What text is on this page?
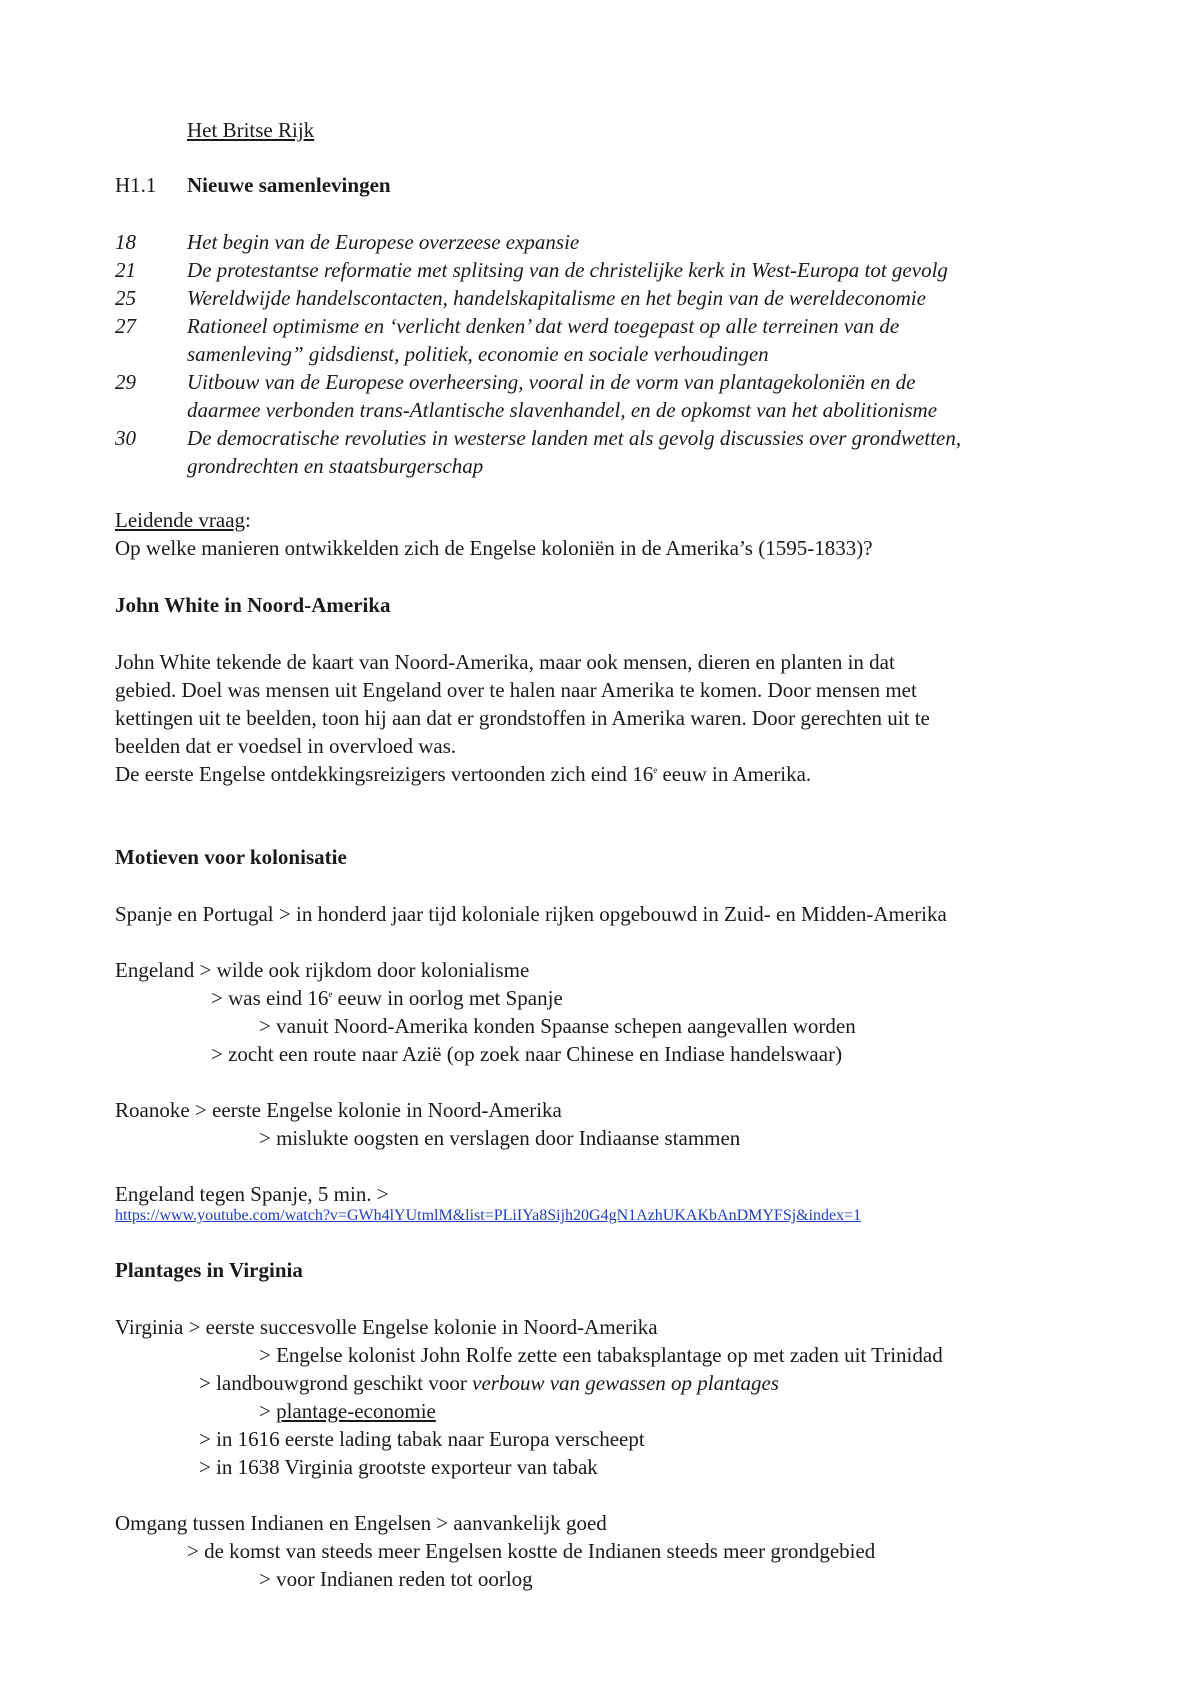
Het Britse Rijk
H1.1 Nieuwe samenlevingen
18 Het begin van de Europese overzeese expansie
21 De protestantse reformatie met splitsing van de christelijke kerk in West-Europa tot gevolg
25 Wereldwijde handelscontacten, handelskapitalisme en het begin van de wereldeconomie
27 Rationeel optimisme en ‘verlicht denken’ dat werd toegepast op alle terreinen van de
samenleving” gidsdienst, politiek, economie en sociale verhoudingen
29 Uitbouw van de Europese overheersing, vooral in de vorm van plantagekoloniën en de
daarmee verbonden trans-Atlantische slavenhandel, en de opkomst van het abolitionisme
30 De democratische revoluties in westerse landen met als gevolg discussies over grondwetten,
grondrechten en staatsburgerschap
Leidende vraag:
Op welke manieren ontwikkelden zich de Engelse koloniën in de Amerika’s (1595-1833)?
John White in Noord-Amerika
John White tekende de kaart van Noord-Amerika, maar ook mensen, dieren en planten in dat
gebied. Doel was mensen uit Engeland over te halen naar Amerika te komen. Door mensen met
kettingen uit te beelden, toon hij aan dat er grondstoffen in Amerika waren. Door gerechten uit te
beelden dat er voedsel in overvloed was.
De eerste Engelse ontdekkingsreizigers vertoonden zich eind 16e eeuw in Amerika.
Motieven voor kolonisatie
Spanje en Portugal > in honderd jaar tijd koloniale rijken opgebouwd in Zuid- en Midden-Amerika
Engeland > wilde ook rijkdom door kolonialisme
> was eind 16e eeuw in oorlog met Spanje
> vanuit Noord-Amerika konden Spaanse schepen aangevallen worden
> zocht een route naar Azië (op zoek naar Chinese en Indiase handelswaar)
Roanoke > eerste Engelse kolonie in Noord-Amerika
> mislukte oogsten en verslagen door Indiaanse stammen
Engeland tegen Spanje, 5 min. >
https://www.youtube.com/watch?v=GWh4lYUtmlM&list=PLiIYa8Sijh20G4gN1AzhUKAKbAnDMYFSj&index=1
Plantages in Virginia
Virginia > eerste succesvolle Engelse kolonie in Noord-Amerika
> Engelse kolonist John Rolfe zette een tabaksplantage op met zaden uit Trinidad
> landbouwgrond geschikt voor verbouw van gewassen op plantages
> plantage-economie
> in 1616 eerste lading tabak naar Europa verscheept
> in 1638 Virginia grootste exporteur van tabak
Omgang tussen Indianen en Engelsen > aanvankelijk goed
> de komst van steeds meer Engelsen kostte de Indianen steeds meer grondgebied
> voor Indianen reden tot oorlog
